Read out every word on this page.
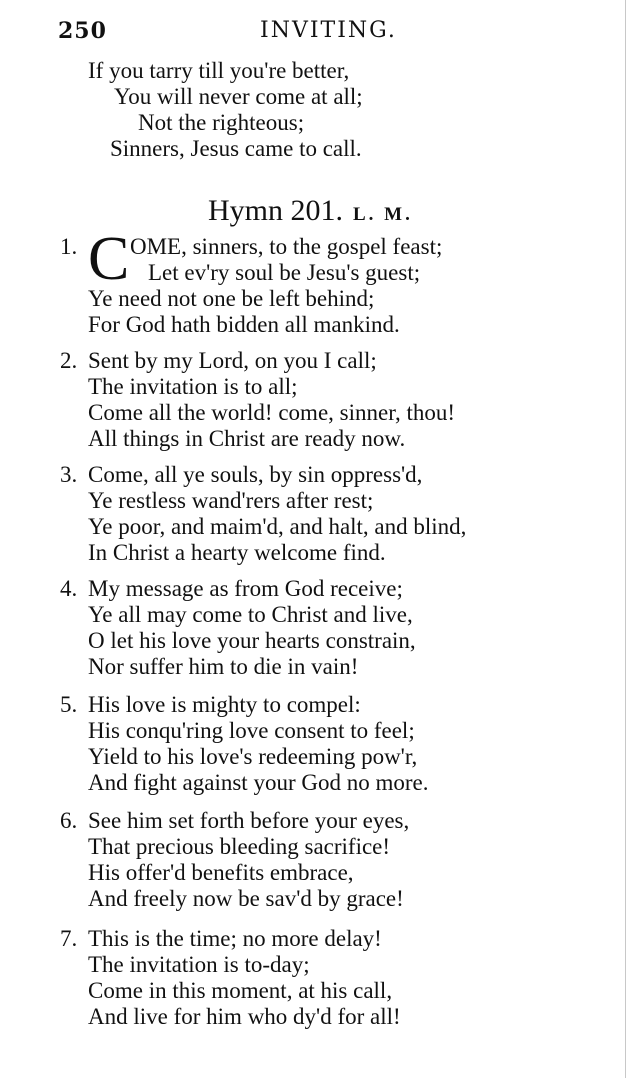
250	INVITING.
If you tarry till you're better,
You will never come at all;
Not the righteous;
Sinners, Jesus came to call.
Hymn 201. L. M.
1. C OME, sinners, to the gospel feast;
Let ev'ry soul be Jesu's guest;
Ye need not one be left behind;
For God hath bidden all mankind.
2. Sent by my Lord, on you I call;
The invitation is to all;
Come all the world! come, sinner, thou!
All things in Christ are ready now.
3. Come, all ye souls, by sin oppress'd,
Ye restless wand'rers after rest;
Ye poor, and maim'd, and halt, and blind,
In Christ a hearty welcome find.
4. My message as from God receive;
Ye all may come to Christ and live,
O let his love your hearts constrain,
Nor suffer him to die in vain!
5. His love is mighty to compel:
His conqu'ring love consent to feel;
Yield to his love's redeeming pow'r,
And fight against your God no more.
6. See him set forth before your eyes,
That precious bleeding sacrifice!
His offer'd benefits embrace,
And freely now be sav'd by grace!
7. This is the time; no more delay!
The invitation is to-day;
Come in this moment, at his call,
And live for him who dy'd for all!
